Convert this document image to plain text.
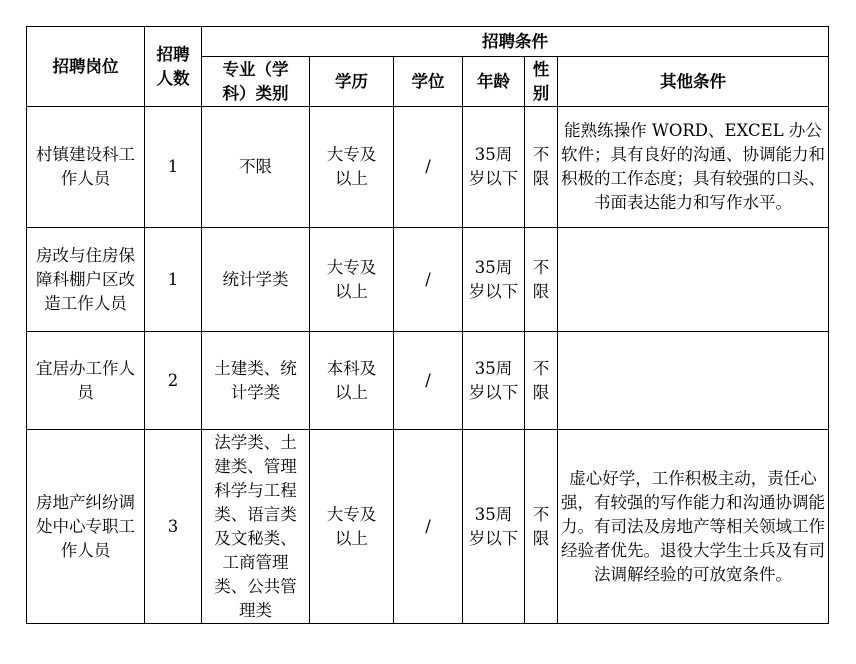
招聘岗位	招聘人数	招聘条件					
		专业（学科）类别	学历	学位	年龄	性别	其他条件
村镇建设科工作人员	1	不限	大专及以上	/	35周岁以下	不限	能熟练操作 WORD、EXCEL 办公软件；具有良好的沟通、协调能力和积极的工作态度；具有较强的口头、书面表达能力和写作水平。
房改与住房保障科棚户区改造工作人员	1	统计学类	大专及以上	/	35周岁以下	不限	
宜居办工作人员	2	土建类、统计学类	本科及以上	/	35周岁以下	不限	
房地产纠纷调处中心专职工作人员	3	法学类、土建类、管理科学与工程类、语言类及文秘类、工商管理类、公共管理类	大专及以上	/	35周岁以下	不限	虚心好学，工作积极主动，责任心强，有较强的写作能力和沟通协调能力。有司法及房地产等相关领域工作经验者优先。退役大学生士兵及有司法调解经验的可放宽条件。
